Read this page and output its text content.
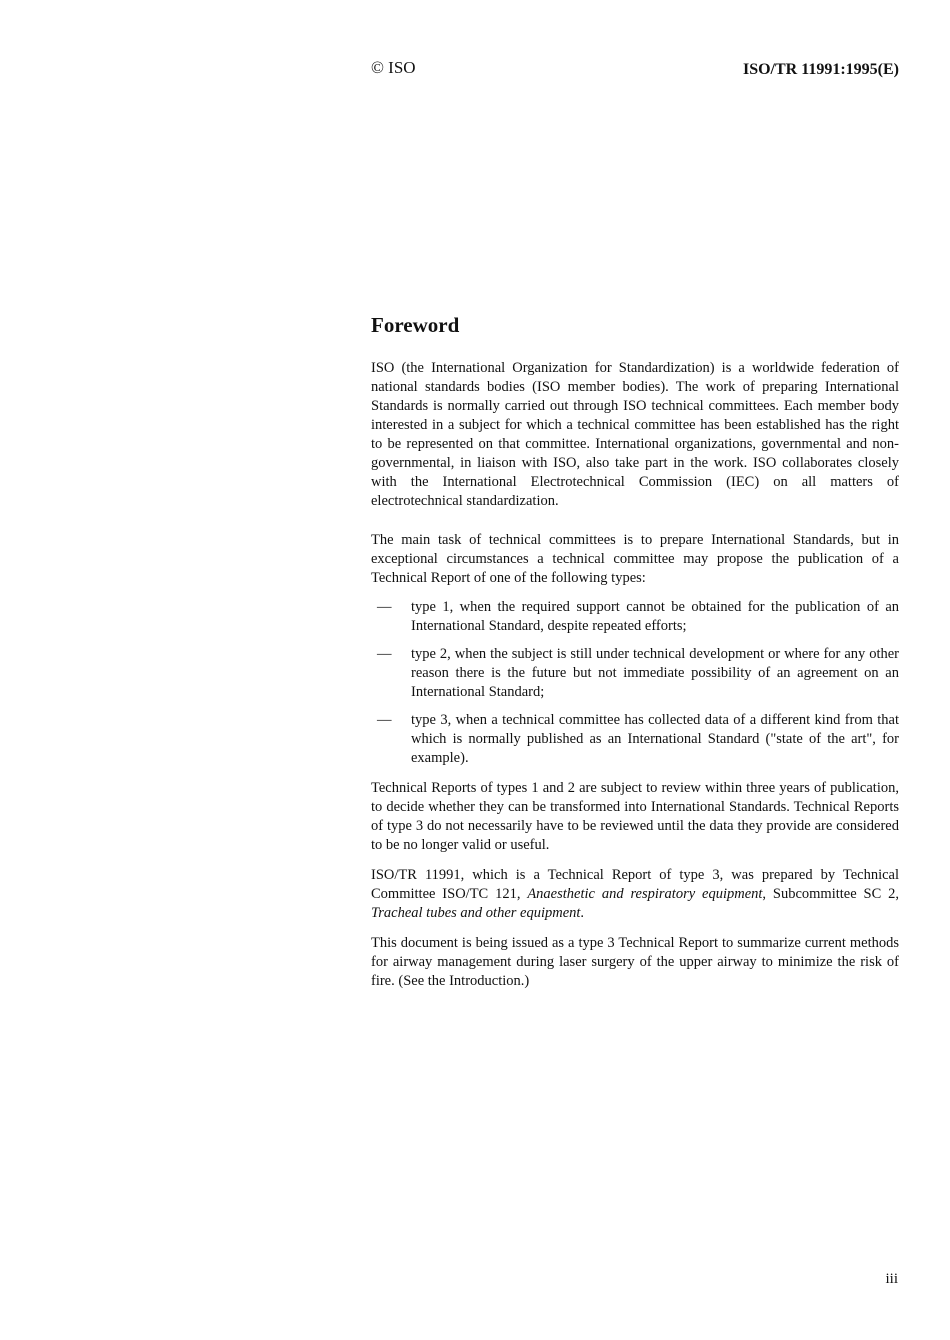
© ISO	ISO/TR 11991:1995(E)
Foreword

ISO (the International Organization for Standardization) is a worldwide federation of national standards bodies (ISO member bodies). The work of preparing International Standards is normally carried out through ISO technical committees. Each member body interested in a subject for which a technical committee has been established has the right to be represented on that committee. International organizations, governmental and non-governmental, in liaison with ISO, also take part in the work. ISO collaborates closely with the International Electrotechnical Commission (IEC) on all matters of electrotechnical standardization.

The main task of technical committees is to prepare International Standards, but in exceptional circumstances a technical committee may propose the publication of a Technical Report of one of the following types:

— type 1, when the required support cannot be obtained for the publication of an International Standard, despite repeated efforts;
— type 2, when the subject is still under technical development or where for any other reason there is the future but not immediate possibility of an agreement on an International Standard;
— type 3, when a technical committee has collected data of a different kind from that which is normally published as an International Standard ("state of the art", for example).

Technical Reports of types 1 and 2 are subject to review within three years of publication, to decide whether they can be transformed into International Standards. Technical Reports of type 3 do not necessarily have to be reviewed until the data they provide are considered to be no longer valid or useful.

ISO/TR 11991, which is a Technical Report of type 3, was prepared by Technical Committee ISO/TC 121, Anaesthetic and respiratory equipment, Subcommittee SC 2, Tracheal tubes and other equipment.

This document is being issued as a type 3 Technical Report to summarize current methods for airway management during laser surgery of the upper airway to minimize the risk of fire. (See the Introduction.)

iii
